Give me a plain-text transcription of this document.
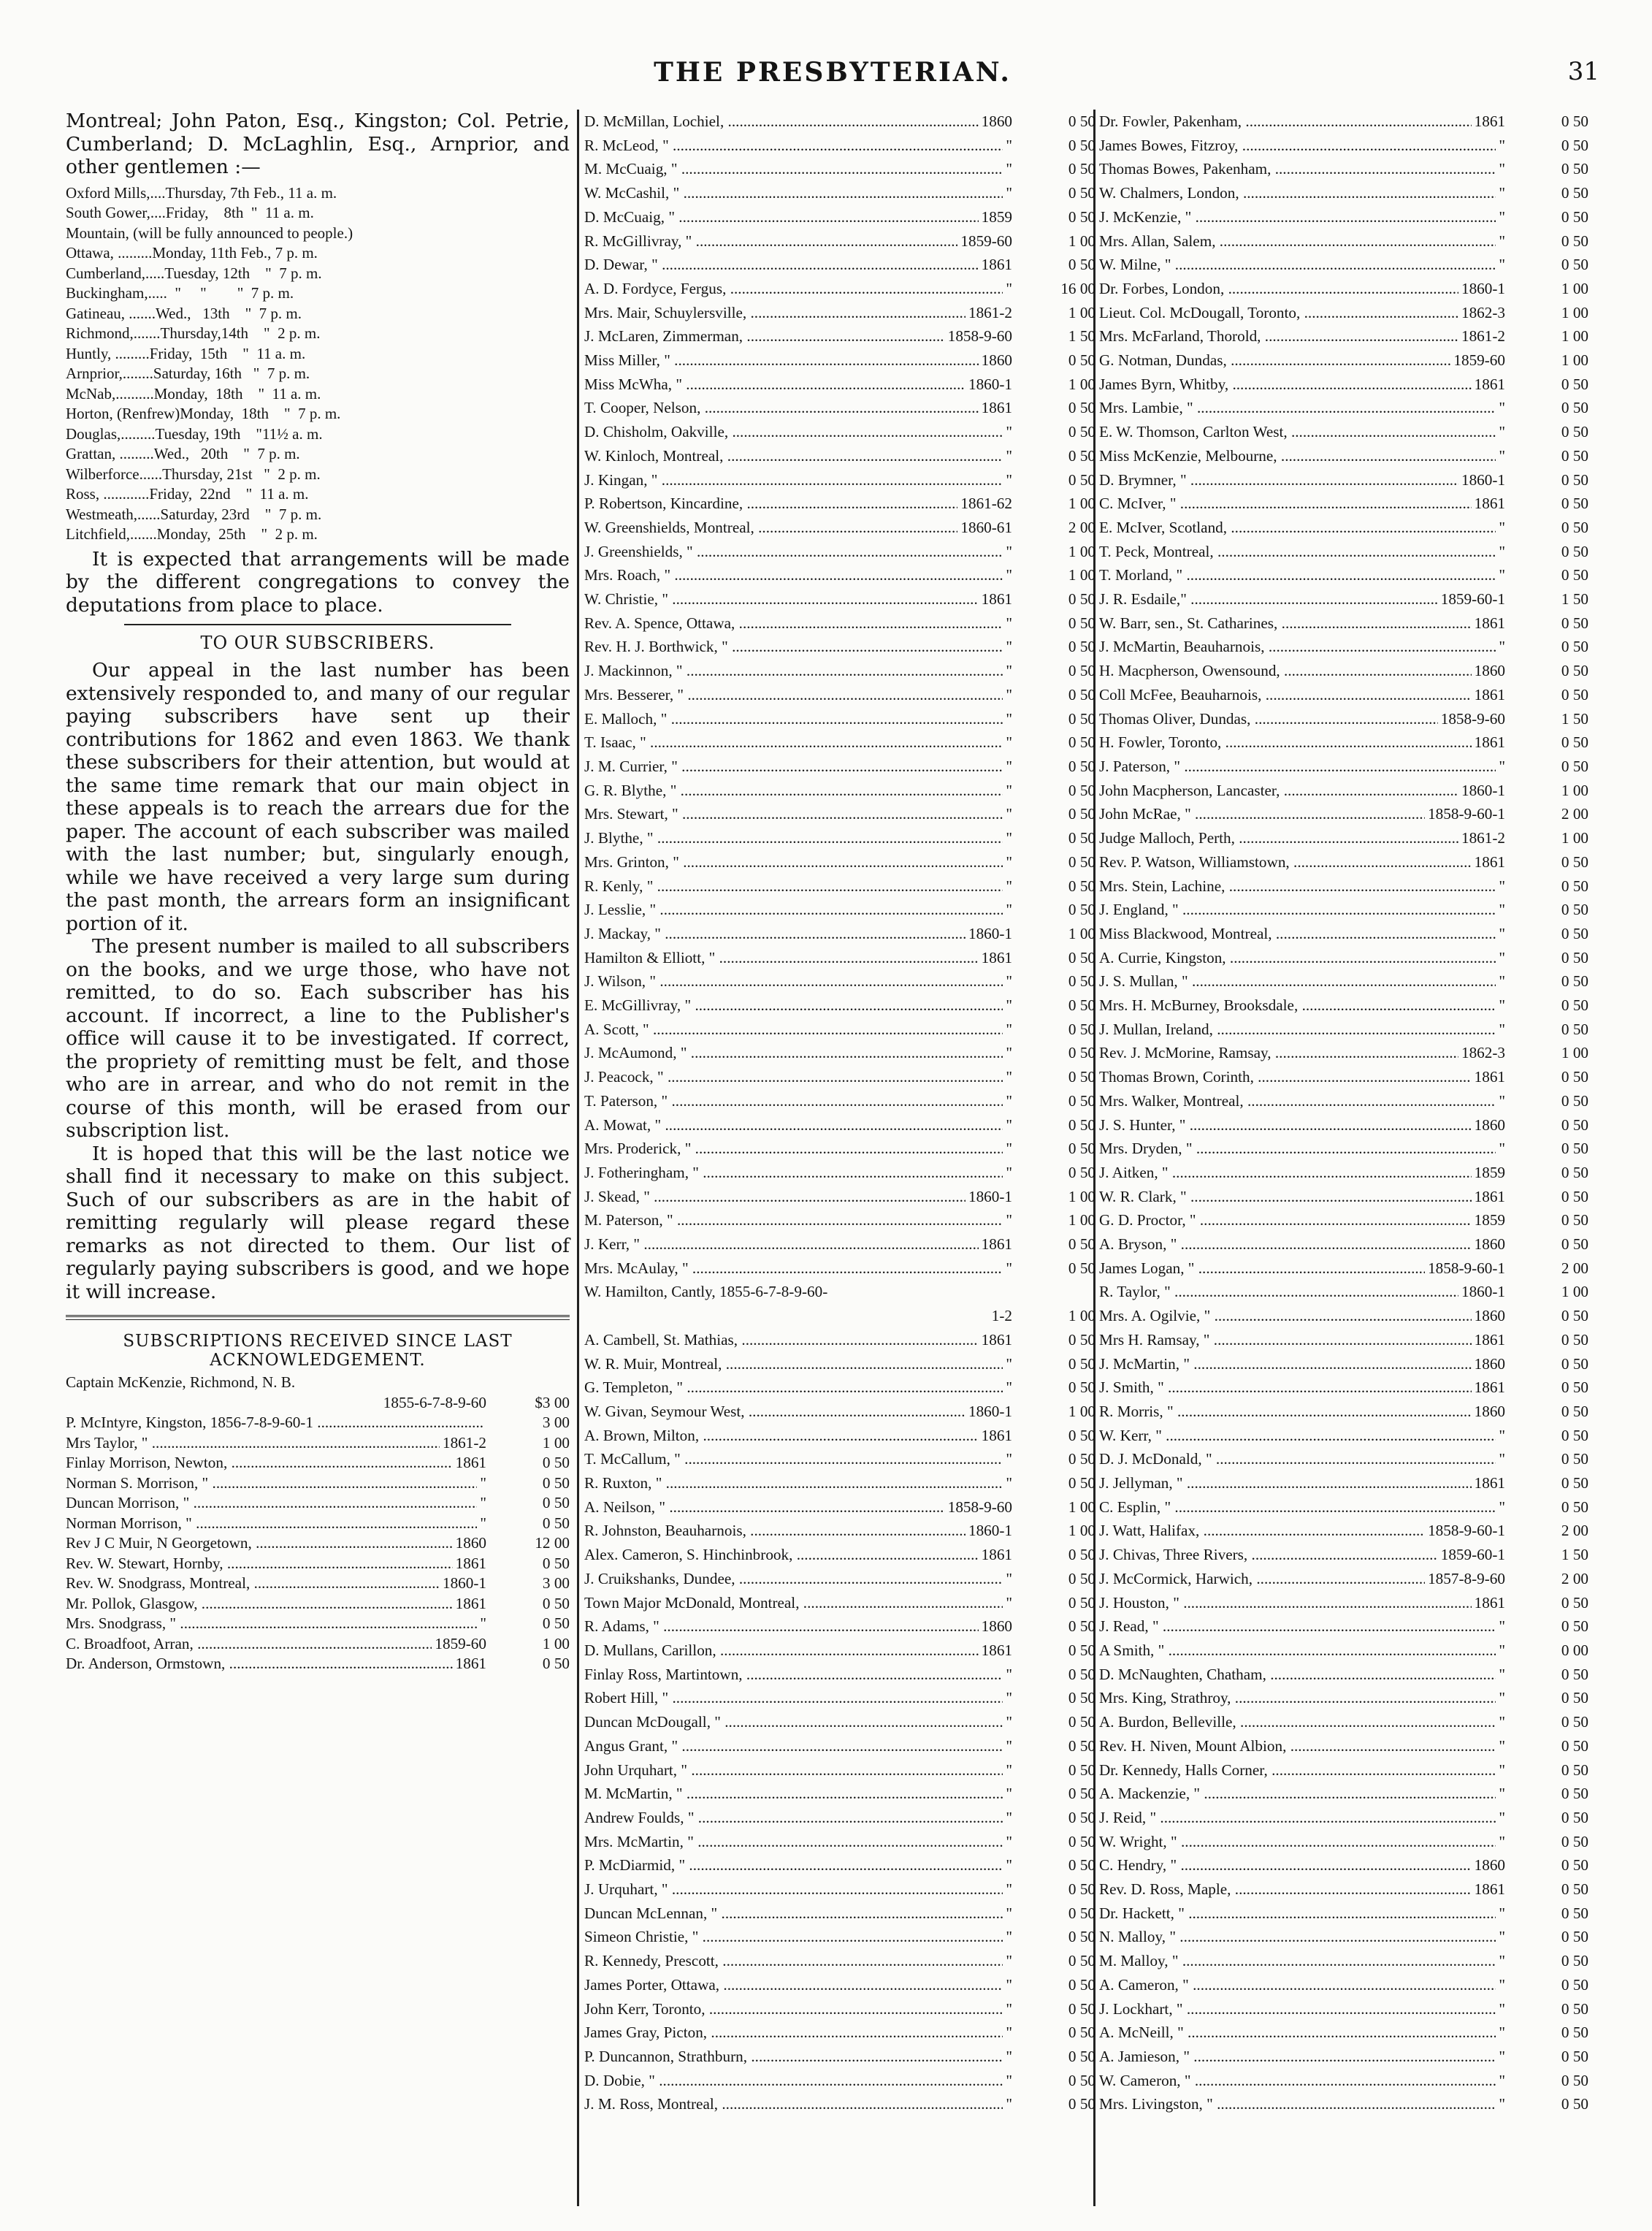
THE PRESBYTERIAN.	31

Montreal; John Paton, Esq., Kingston; Col. Petrie, Cumberland; D. McLaghlin, Esq., Arnprior, and other gentlemen :—

Oxford Mills,....Thursday, 7th Feb., 11 a. m.
South Gower,....Friday,    8th  "  11 a. m.
Mountain, (will be fully announced to people.)
Ottawa, .........Monday, 11th Feb., 7 p. m.
Cumberland,.....Tuesday, 12th    "  7 p. m.
Buckingham,.....  "     "        "  7 p. m.
Gatineau, .......Wed.,   13th    "  7 p. m.
Richmond,.......Thursday,14th    "  2 p. m.
Huntly, .........Friday,  15th    "  11 a. m.
Arnprior,........Saturday, 16th   "  7 p. m.
McNab,..........Monday,  18th    "  11 a. m.
Horton, (Renfrew)Monday,  18th    "  7 p. m.
Douglas,.........Tuesday, 19th    "11½ a. m.
Grattan, .........Wed.,   20th    "  7 p. m.
Wilberforce......Thursday, 21st   "  2 p. m.
Ross, ............Friday,  22nd    "  11 a. m.
Westmeath,......Saturday, 23rd    "  7 p. m.
Litchfield,.......Monday,  25th    "  2 p. m.

It is expected that arrangements will be made by the different congregations to convey the deputations from place to place.

TO OUR SUBSCRIBERS.

Our appeal in the last number has been extensively responded to, and many of our regular paying subscribers have sent up their contributions for 1862 and even 1863. We thank these subscribers for their attention, but would at the same time remark that our main object in these appeals is to reach the arrears due for the paper. The account of each subscriber was mailed with the last number; but, singularly enough, while we have received a very large sum during the past month, the arrears form an insignificant portion of it.

The present number is mailed to all subscribers on the books, and we urge those, who have not remitted, to do so. Each subscriber has his account. If incorrect, a line to the Publisher's office will cause it to be investigated. If correct, the propriety of remitting must be felt, and those who are in arrear, and who do not remit in the course of this month, will be erased from our subscription list.

It is hoped that this will be the last notice we shall find it necessary to make on this subject. Such of our subscribers as are in the habit of remitting regularly will please regard these remarks as not directed to them. Our list of regularly paying subscribers is good, and we hope it will increase.

SUBSCRIPTIONS RECEIVED SINCE LAST ACKNOWLEDGEMENT.
Captain McKenzie, Richmond, N. B.
1855-6-7-8-9-60	$3 00
P. McIntyre, Kingston, 1856-7-8-9-60-1 .....	3 00
Mrs Taylor, " .....	1861-2	1 00
Finlay Morrison, Newton, .....	1861	0 50
Norman S. Morrison, " .....	"	0 50
Duncan Morrison, " .....	"	0 50
Norman Morrison, " .....	"	0 50
Rev J C Muir, N Georgetown, .....	1860	12 00
Rev. W. Stewart, Hornby, .....	1861	0 50
Rev. W. Snodgrass, Montreal, .....	1860-1	3 00
Mr. Pollok, Glasgow, .....	1861	0 50
Mrs. Snodgrass, " .....	"	0 50
C. Broadfoot, Arran, .....	1859-60	1 00
Dr. Anderson, Ormstown, .....	1861	0 50
D. McMillan, Lochiel, .....	1860	0 50
R. McLeod, " .....	"	0 50
M. McCuaig, " .....	"	0 50
W. McCashil, " .....	"	0 50
D. McCuaig, " .....	1859	0 50
R. McGillivray, " .....	1859-60	1 00
D. Dewar, " .....	1861	0 50
A. D. Fordyce, Fergus, .....	"	16 00
Mrs. Mair, Schuylersville, .....	1861-2	1 00
J. McLaren, Zimmerman, .....	1858-9-60	1 50
Miss Miller, " .....	1860	0 50
Miss McWha, " .....	1860-1	1 00
T. Cooper, Nelson, .....	1861	0 50
D. Chisholm, Oakville, .....	"	0 50
W. Kinloch, Montreal, .....	"	0 50
J. Kingan, " .....	"	0 50
P. Robertson, Kincardine, .....	1861-62	1 00
W. Greenshields, Montreal, .....	1860-61	2 00
J. Greenshields, " .....	"	1 00
Mrs. Roach, " .....	"	1 00
W. Christie, " .....	1861	0 50
Rev. A. Spence, Ottawa, .....	"	0 50
Rev. H. J. Borthwick, " .....	"	0 50
J. Mackinnon, " .....	"	0 50
Mrs. Besserer, " .....	"	0 50
E. Malloch, " .....	"	0 50
T. Isaac, " .....	"	0 50
J. M. Currier, " .....	"	0 50
G. R. Blythe, " .....	"	0 50
Mrs. Stewart, " .....	"	0 50
J. Blythe, " .....	"	0 50
Mrs. Grinton, " .....	"	0 50
R. Kenly, " .....	"	0 50
J. Lesslie, " .....	"	0 50
J. Mackay, " .....	1860-1	1 00
Hamilton & Elliott, " .....	1861	0 50
J. Wilson, " .....	"	0 50
E. McGillivray, " .....	"	0 50
A. Scott, " .....	"	0 50
J. McAumond, " .....	"	0 50
J. Peacock, " .....	"	0 50
T. Paterson, " .....	"	0 50
A. Mowat, " .....	"	0 50
Mrs. Proderick, " .....	"	0 50
J. Fotheringham, " .....	"	0 50
J. Skead, " .....	1860-1	1 00
M. Paterson, " .....	"	1 00
J. Kerr, " .....	1861	0 50
Mrs. McAulay, " .....	"	0 50
W. Hamilton, Cantly, 1855-6-7-8-9-60-
1-2	1 00
A. Cambell, St. Mathias, .....	1861	0 50
W. R. Muir, Montreal, .....	"	0 50
G. Templeton, " .....	"	0 50
W. Givan, Seymour West, .....	1860-1	1 00
A. Brown, Milton, .....	1861	0 50
T. McCallum, " .....	"	0 50
R. Ruxton, " .....	"	0 50
A. Neilson, " .....	1858-9-60	1 00
R. Johnston, Beauharnois, .....	1860-1	1 00
Alex. Cameron, S. Hinchinbrook, .....	1861	0 50
J. Cruikshanks, Dundee, .....	"	0 50
Town Major McDonald, Montreal, .....	"	0 50
R. Adams, " .....	1860	0 50
D. Mullans, Carillon, .....	1861	0 50
Finlay Ross, Martintown, .....	"	0 50
Robert Hill, " .....	"	0 50
Duncan McDougall, " .....	"	0 50
Angus Grant, " .....	"	0 50
John Urquhart, " .....	"	0 50
M. McMartin, " .....	"	0 50
Andrew Foulds, " .....	"	0 50
Mrs. McMartin, " .....	"	0 50
P. McDiarmid, " .....	"	0 50
J. Urquhart, " .....	"	0 50
Duncan McLennan, " .....	"	0 50
Simeon Christie, " .....	"	0 50
R. Kennedy, Prescott, .....	"	0 50
James Porter, Ottawa, .....	"	0 50
John Kerr, Toronto, .....	"	0 50
James Gray, Picton, .....	"	0 50
P. Duncannon, Strathburn, .....	"	0 50
D. Dobie, " .....	"	0 50
J. M. Ross, Montreal, .....	"	0 50
Dr. Fowler, Pakenham, .....	1861	0 50
James Bowes, Fitzroy, .....	"	0 50
Thomas Bowes, Pakenham, .....	"	0 50
W. Chalmers, London, .....	"	0 50
J. McKenzie, " .....	"	0 50
Mrs. Allan, Salem, .....	"	0 50
W. Milne, " .....	"	0 50
Dr. Forbes, London, .....	1860-1	1 00
Lieut. Col. McDougall, Toronto, .....	1862-3	1 00
Mrs. McFarland, Thorold, .....	1861-2	1 00
G. Notman, Dundas, .....	1859-60	1 00
James Byrn, Whitby, .....	1861	0 50
Mrs. Lambie, " .....	"	0 50
E. W. Thomson, Carlton West, .....	"	0 50
Miss McKenzie, Melbourne, .....	"	0 50
D. Brymner, " .....	1860-1	0 50
C. McIver, " .....	1861	0 50
E. McIver, Scotland, .....	"	0 50
T. Peck, Montreal, .....	"	0 50
T. Morland, " .....	"	0 50
J. R. Esdaile," .....	1859-60-1	1 50
W. Barr, sen., St. Catharines, .....	1861	0 50
J. McMartin, Beauharnois, .....	"	0 50
H. Macpherson, Owensound, .....	1860	0 50
Coll McFee, Beauharnois, .....	1861	0 50
Thomas Oliver, Dundas, .....	1858-9-60	1 50
H. Fowler, Toronto, .....	1861	0 50
J. Paterson, " .....	"	0 50
John Macpherson, Lancaster, .....	1860-1	1 00
John McRae, " .....	1858-9-60-1	2 00
Judge Malloch, Perth, .....	1861-2	1 00
Rev. P. Watson, Williamstown, .....	1861	0 50
Mrs. Stein, Lachine, .....	"	0 50
J. England, " .....	"	0 50
Miss Blackwood, Montreal, .....	"	0 50
A. Currie, Kingston, .....	"	0 50
J. S. Mullan, " .....	"	0 50
Mrs. H. McBurney, Brooksdale, .....	"	0 50
J. Mullan, Ireland, .....	"	0 50
Rev. J. McMorine, Ramsay, .....	1862-3	1 00
Thomas Brown, Corinth, .....	1861	0 50
Mrs. Walker, Montreal, .....	"	0 50
J. S. Hunter, " .....	1860	0 50
Mrs. Dryden, " .....	"	0 50
J. Aitken, " .....	1859	0 50
W. R. Clark, " .....	1861	0 50
G. D. Proctor, " .....	1859	0 50
A. Bryson, " .....	1860	0 50
James Logan, " .....	1858-9-60-1	2 00
R. Taylor, " .....	1860-1	1 00
Mrs. A. Ogilvie, " .....	1860	0 50
Mrs H. Ramsay, " .....	1861	0 50
J. McMartin, " .....	1860	0 50
J. Smith, " .....	1861	0 50
R. Morris, " .....	1860	0 50
W. Kerr, " .....	"	0 50
D. J. McDonald, " .....	"	0 50
J. Jellyman, " .....	1861	0 50
C. Esplin, " .....	"	0 50
J. Watt, Halifax, .....	1858-9-60-1	2 00
J. Chivas, Three Rivers, .....	1859-60-1	1 50
J. McCormick, Harwich, .....	1857-8-9-60	2 00
J. Houston, " .....	1861	0 50
J. Read, " .....	"	0 50
A Smith, " .....	"	0 00
D. McNaughten, Chatham, .....	"	0 50
Mrs. King, Strathroy, .....	"	0 50
A. Burdon, Belleville, .....	"	0 50
Rev. H. Niven, Mount Albion, .....	"	0 50
Dr. Kennedy, Halls Corner, .....	"	0 50
A. Mackenzie, " .....	"	0 50
J. Reid, " .....	"	0 50
W. Wright, " .....	"	0 50
C. Hendry, " .....	1860	0 50
Rev. D. Ross, Maple, .....	1861	0 50
Dr. Hackett, " .....	"	0 50
N. Malloy, " .....	"	0 50
M. Malloy, " .....	"	0 50
A. Cameron, " .....	"	0 50
J. Lockhart, " .....	"	0 50
A. McNeill, " .....	"	0 50
A. Jamieson, " .....	"	0 50
W. Cameron, " .....	"	0 50
Mrs. Livingston, " .....	"	0 50
